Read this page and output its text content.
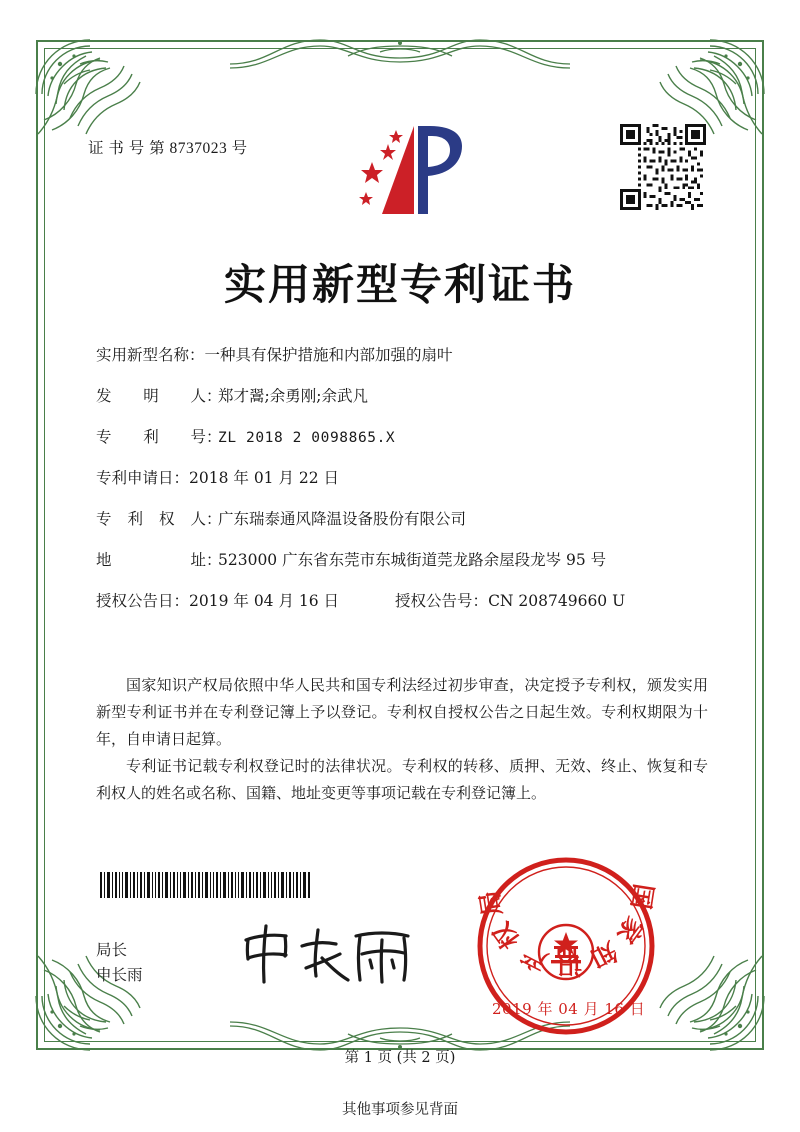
证 书 号 第 8737023 号
实用新型专利证书
实用新型名称： 一种具有保护措施和内部加强的扇叶
发　明　人：
郑才翯;余勇刚;余武凡
专　利　号：
ZL 2018 2 0098865.X
专利申请日： 2018 年 01 月 22 日
专 利 权 人：
广东瑞泰通风降温设备股份有限公司
地　　　址：
523000 广东省东莞市东城街道莞龙路余屋段龙岑 95 号
授权公告日： 2019 年 04 月 16 日	授权公告号： CN 208749660 U

国家知识产权局依照中华人民共和国专利法经过初步审查，决定授予专利权，颁发实用新型专利证书并在专利登记簿上予以登记。专利权自授权公告之日起生效。专利权期限为十年，自申请日起算。

专利证书记载专利权登记时的法律状况。专利权的转移、质押、无效、终止、恢复和专利权人的姓名或名称、国籍、地址变更等事项记载在专利登记簿上。

局长
申长雨
国家知识产权局
2019 年 04 月 16 日
第 1 页 (共 2 页)
其他事项参见背面
